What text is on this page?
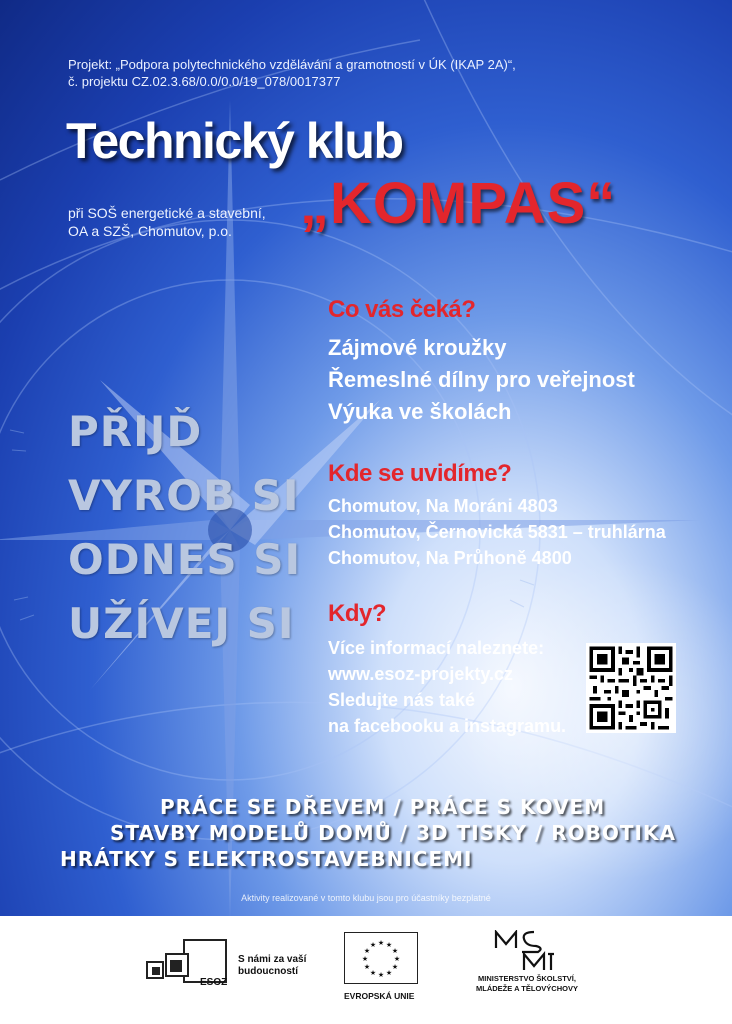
Projekt: „Podpora polytechnického vzdělávání a gramotností v ÚK (IKAP 2A)“,
č. projektu CZ.02.3.68/0.0/0.0/19_078/0017377
Technický klub
při SOŠ energetické a stavební,
OA a SZŠ, Chomutov, p.o.	„KOMPAS“
Co vás čeká?
Zájmové kroužky
Řemeslné dílny pro veřejnost
Výuka ve školách
Kde se uvidíme?
Chomutov, Na Moráni 4803
Chomutov, Černovická 5831 – truhlárna
Chomutov, Na Průhoně 4800
Kdy?
Více informací naleznete:
www.esoz-projekty.cz
Sledujte nás také
na facebooku a instagramu.
PŘIJĎ
VYROB SI
ODNES SI
UŽÍVEJ SI
PRÁCE SE DŘEVEM / PRÁCE S KOVEM
STAVBY MODELŮ DOMŮ / 3D TISKY / ROBOTIKA
HRÁTKY S ELEKTROSTAVEBNICEMI
Aktivity realizované v tomto klubu jsou pro účastníky bezplatné
ESOZ
S námi za vaší
budoucností
★ ★
★
★
★
★
★
★
★
★
★
★
EVROPSKÁ UNIE
MINISTERSTVO ŠKOLSTVÍ,
MLÁDEŽE A TĚLOVÝCHOVY
